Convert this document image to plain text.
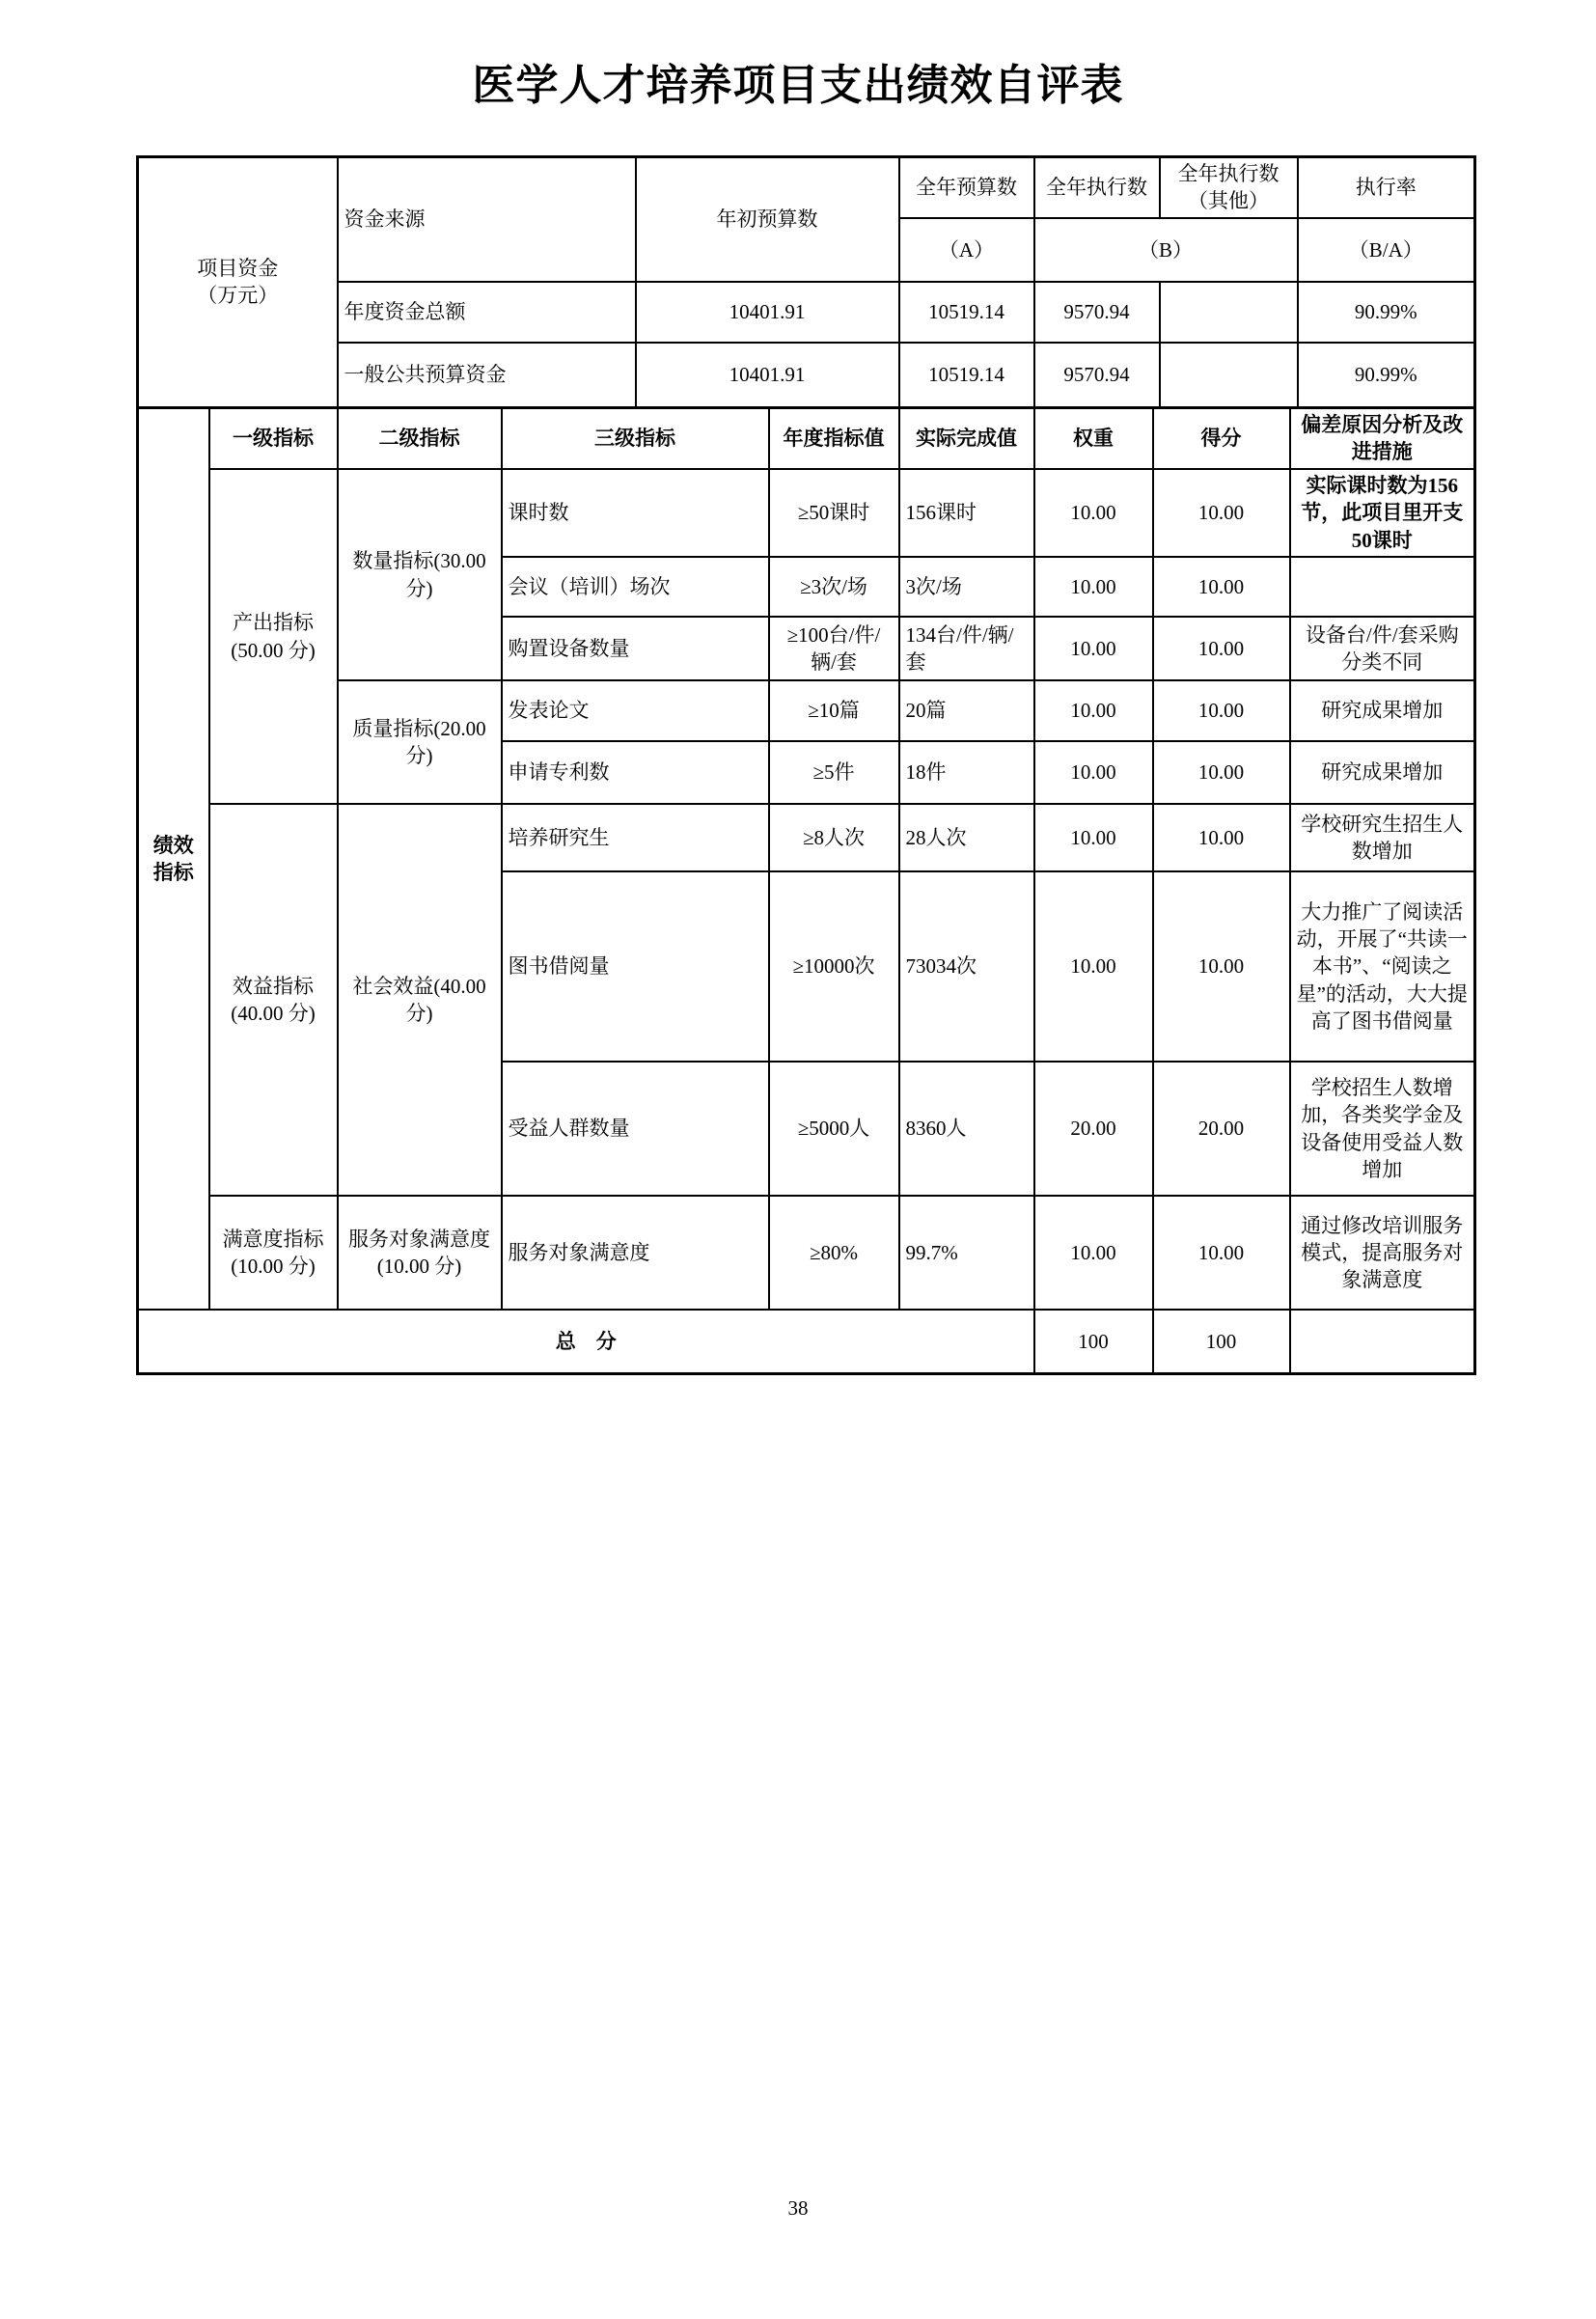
医学人才培养项目支出绩效自评表
项目资金（万元）	资金来源	年初预算数	全年预算数	全年执行数	全年执行数（其他）	执行率
			（A）	（B）		（B/A）
	年度资金总额	10401.91	10519.14	9570.94		90.99%
	一般公共预算资金	10401.91	10519.14	9570.94		90.99%
绩效指标	一级指标	二级指标	三级指标	年度指标值	实际完成值	权重	得分	偏差原因分析及改进措施
	产出指标(50.00 分)	数量指标(30.00 分)	课时数	≥50课时	156课时	10.00	10.00	实际课时数为156节，此项目里开支50课时
			会议（培训）场次	≥3次/场	3次/场	10.00	10.00	
			购置设备数量	≥100台/件/辆/套	134台/件/辆/套	10.00	10.00	设备台/件/套采购分类不同
		质量指标(20.00 分)	发表论文	≥10篇	20篇	10.00	10.00	研究成果增加
			申请专利数	≥5件	18件	10.00	10.00	研究成果增加
	效益指标(40.00 分)	社会效益(40.00 分)	培养研究生	≥8人次	28人次	10.00	10.00	学校研究生招生人数增加
			图书借阅量	≥10000次	73034次	10.00	10.00	大力推广了阅读活动，开展了“共读一本书”、“阅读之星”的活动，大大提高了图书借阅量
			受益人群数量	≥5000人	8360人	20.00	20.00	学校招生人数增加，各类奖学金及设备使用受益人数增加
	满意度指标(10.00 分)	服务对象满意度(10.00 分)	服务对象满意度	≥80%	99.7%	10.00	10.00	通过修改培训服务模式，提高服务对象满意度
总　分						100	100	
38
